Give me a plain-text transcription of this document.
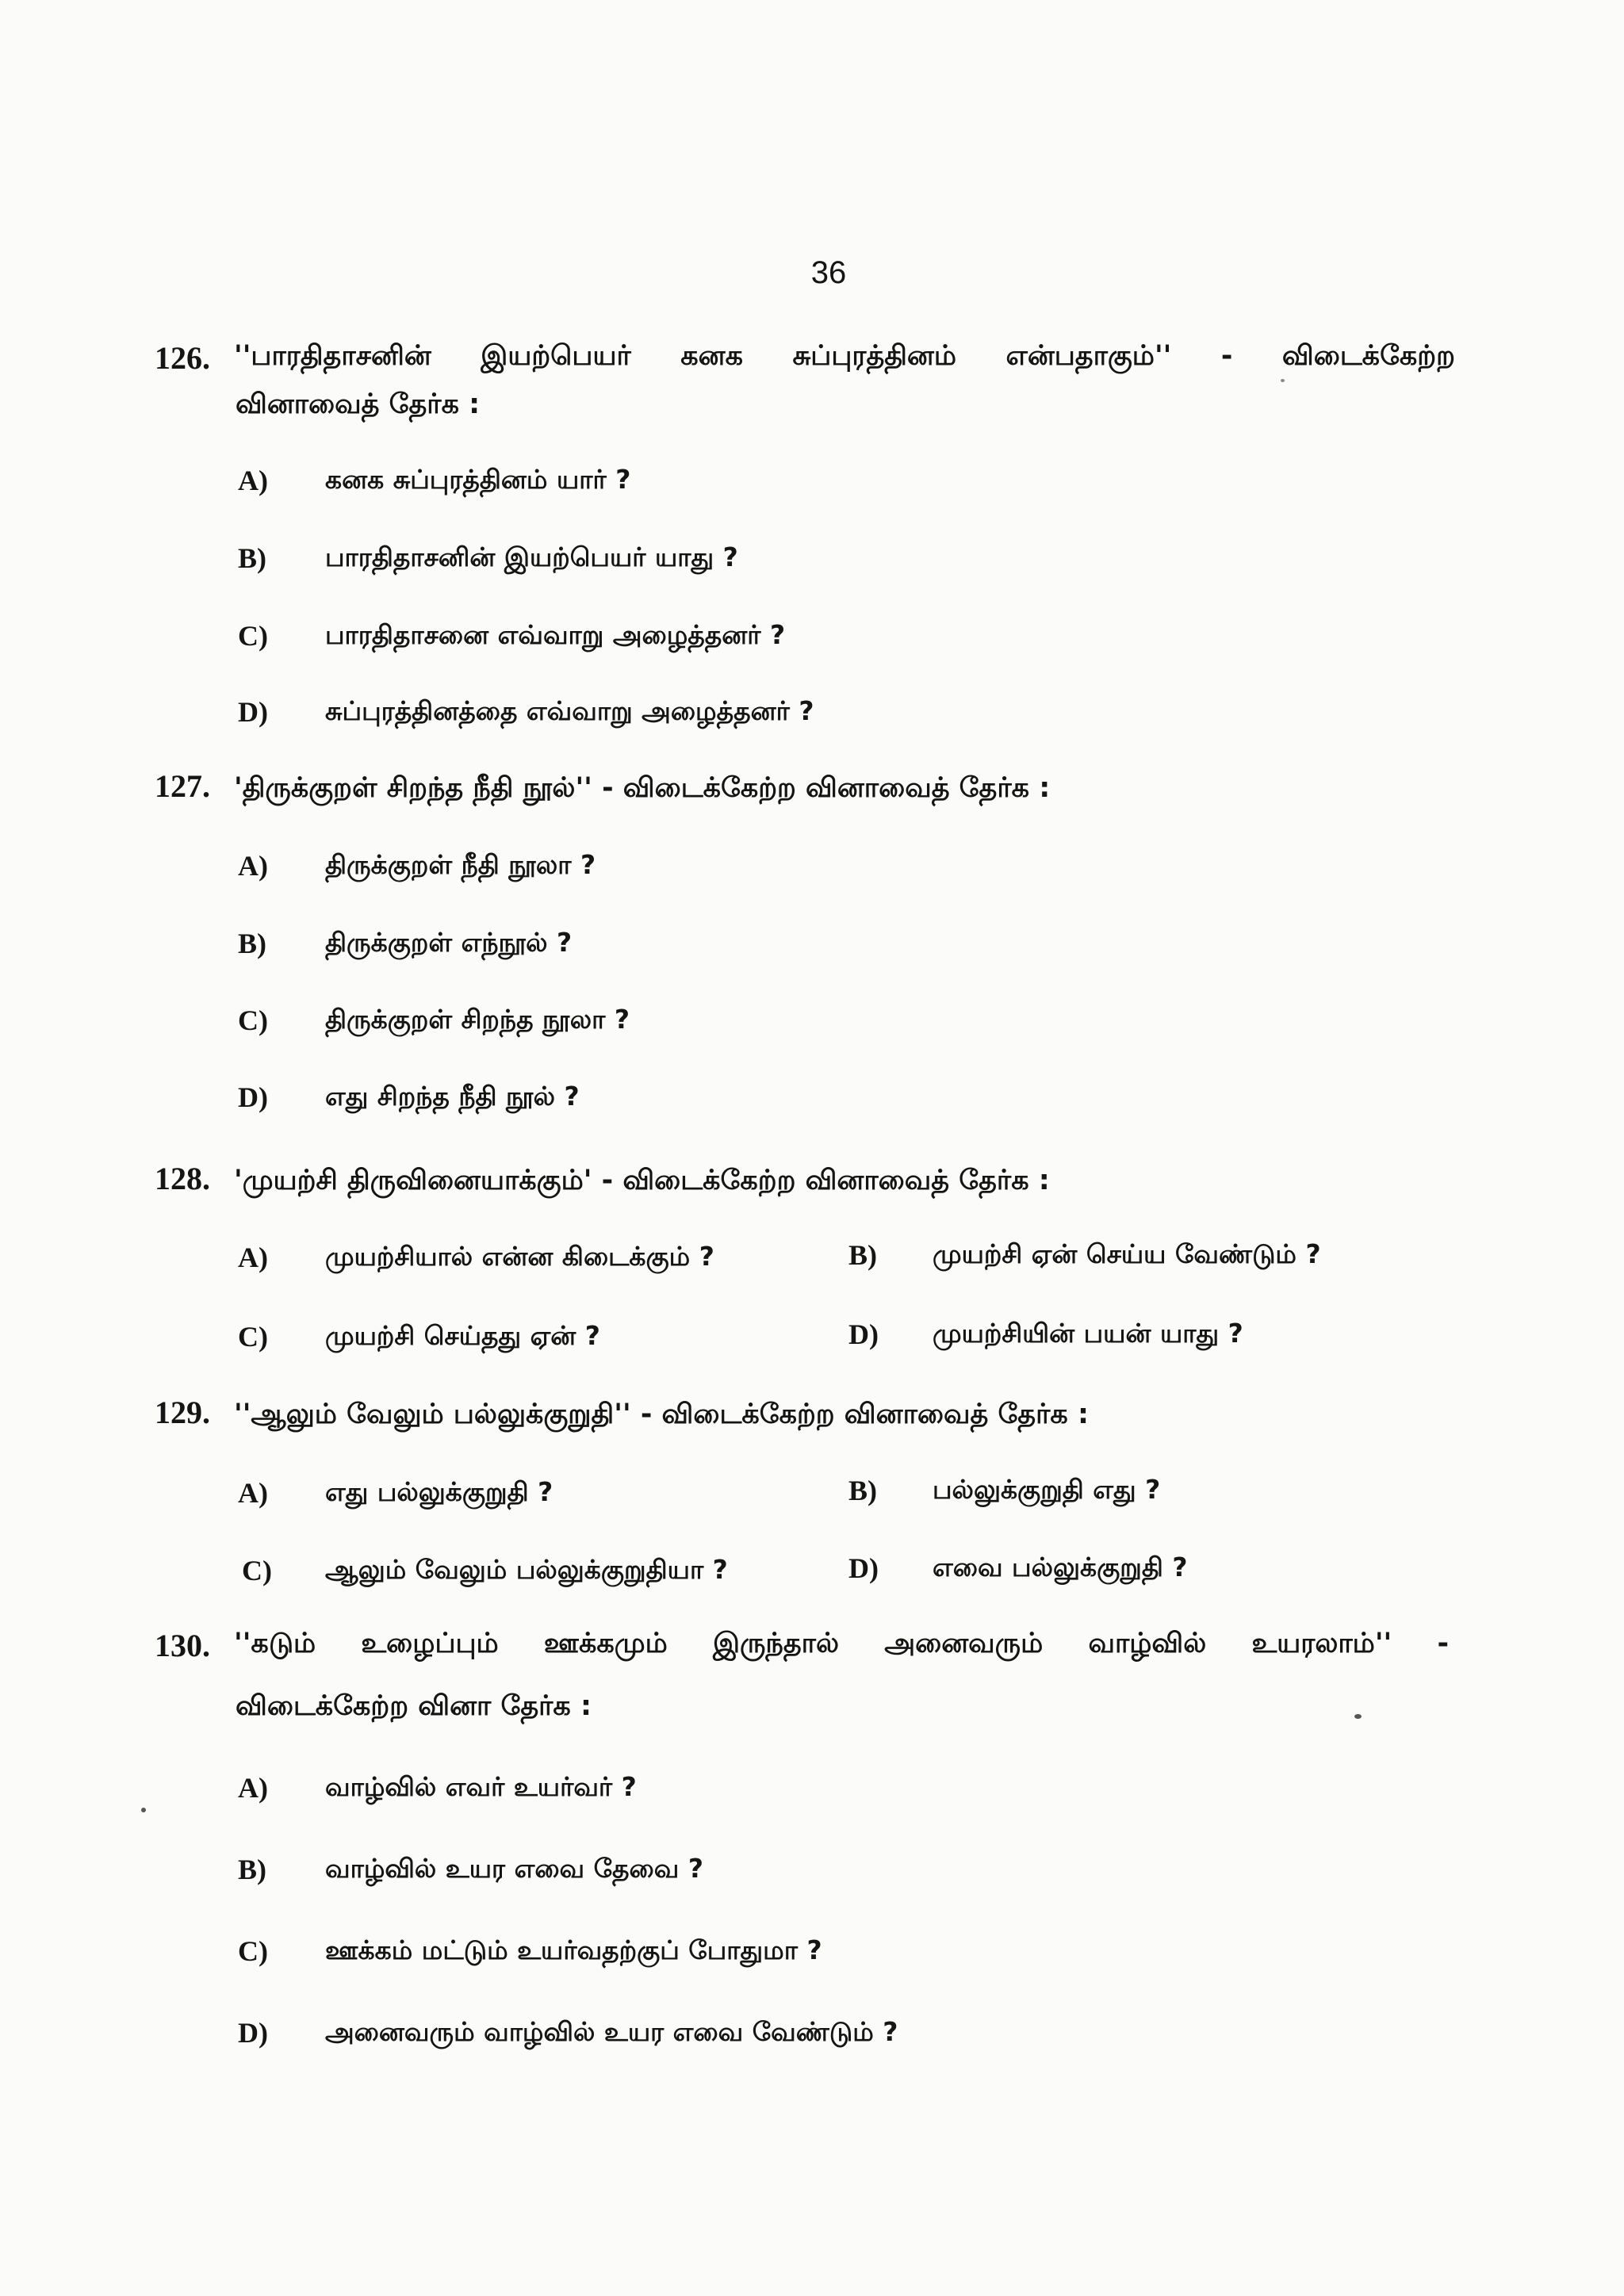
36
126. ''பாரதிதாசனின் இயற்பெயர் கனக சுப்புரத்தினம் என்பதாகும்'' - விடைக்கேற்ற
வினாவைத் தேர்க :
A) கனக சுப்புரத்தினம் யார் ?
B) பாரதிதாசனின் இயற்பெயர் யாது ?
C) பாரதிதாசனை எவ்வாறு அழைத்தனர் ?
D) சுப்புரத்தினத்தை எவ்வாறு அழைத்தனர் ?
127. 'திருக்குறள் சிறந்த நீதி நூல்'' - விடைக்கேற்ற வினாவைத் தேர்க :
A) திருக்குறள் நீதி நூலா ?
B) திருக்குறள் எந்நூல் ?
C) திருக்குறள் சிறந்த நூலா ?
D) எது சிறந்த நீதி நூல் ?
128. 'முயற்சி திருவினையாக்கும்' - விடைக்கேற்ற வினாவைத் தேர்க :
A) முயற்சியால் என்ன கிடைக்கும் ?	B) முயற்சி ஏன் செய்ய வேண்டும் ?
C) முயற்சி செய்தது ஏன் ?	D) முயற்சியின் பயன் யாது ?
129. ''ஆலும் வேலும் பல்லுக்குறுதி'' - விடைக்கேற்ற வினாவைத் தேர்க :
A) எது பல்லுக்குறுதி ?	B) பல்லுக்குறுதி எது ?
C) ஆலும் வேலும் பல்லுக்குறுதியா ?	D) எவை பல்லுக்குறுதி ?
130. ''கடும் உழைப்பும் ஊக்கமும் இருந்தால் அனைவரும் வாழ்வில் உயரலாம்'' -
விடைக்கேற்ற வினா தேர்க :
A) வாழ்வில் எவர் உயர்வர் ?
B) வாழ்வில் உயர எவை தேவை ?
C) ஊக்கம் மட்டும் உயர்வதற்குப் போதுமா ?
D) அனைவரும் வாழ்வில் உயர எவை வேண்டும் ?
